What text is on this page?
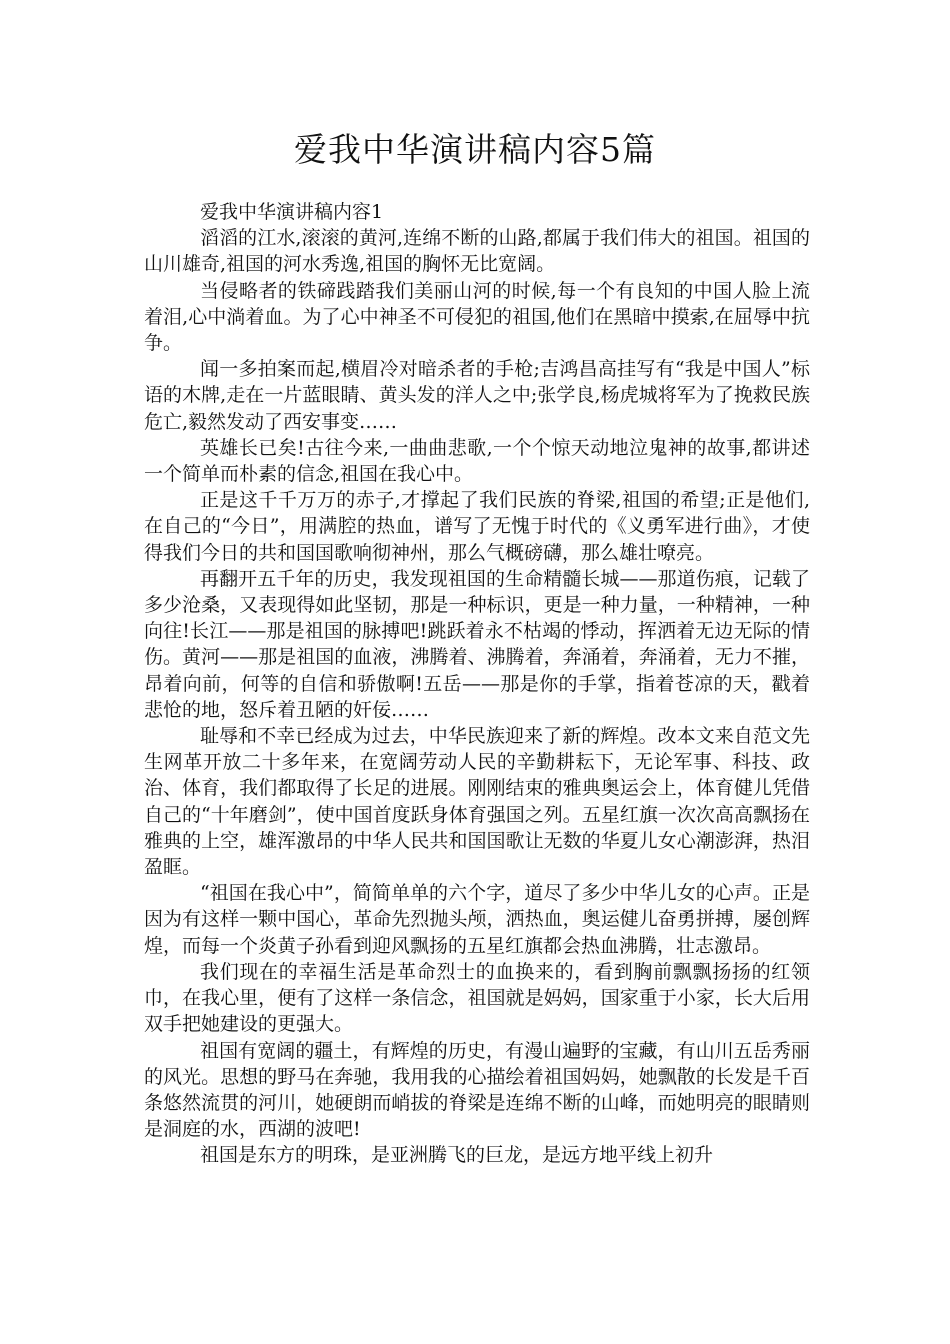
爱我中华演讲稿内容5篇

爱我中华演讲稿内容1

滔滔的江水,滚滚的黄河,连绵不断的山路,都属于我们伟大的祖国。祖国的山川雄奇,祖国的河水秀逸,祖国的胸怀无比宽阔。

当侵略者的铁碲践踏我们美丽山河的时候,每一个有良知的中国人脸上流着泪,心中淌着血。为了心中神圣不可侵犯的祖国,他们在黑暗中摸索,在屈辱中抗争。

闻一多拍案而起,横眉冷对暗杀者的手枪;吉鸿昌高挂写有“我是中国人”标语的木牌,走在一片蓝眼睛、黄头发的洋人之中;张学良,杨虎城将军为了挽救民族危亡,毅然发动了西安事变……

英雄长已矣!古往今来,一曲曲悲歌,一个个惊天动地泣鬼神的故事,都讲述一个简单而朴素的信念,祖国在我心中。

正是这千千万万的赤子,才撑起了我们民族的脊梁,祖国的希望;正是他们,在自己的“今日”，用满腔的热血，谱写了无愧于时代的《义勇军进行曲》，才使得我们今日的共和国国歌响彻神州，那么气概磅礴，那么雄壮嘹亮。

再翻开五千年的历史，我发现祖国的生命精髓长城——那道伤痕，记载了多少沧桑，又表现得如此坚韧，那是一种标识，更是一种力量，一种精神，一种向往!长江——那是祖国的脉搏吧!跳跃着永不枯竭的悸动，挥洒着无边无际的情伤。黄河——那是祖国的血液，沸腾着、沸腾着，奔涌着，奔涌着，无力不摧，昂着向前，何等的自信和骄傲啊!五岳——那是你的手掌，指着苍凉的天，戳着悲怆的地，怒斥着丑陋的奸佞……

耻辱和不幸已经成为过去，中华民族迎来了新的辉煌。改本文来自范文先生网革开放二十多年来，在宽阔劳动人民的辛勤耕耘下，无论军事、科技、政治、体育，我们都取得了长足的进展。刚刚结束的雅典奥运会上，体育健儿凭借自己的“十年磨剑”，使中国首度跃身体育强国之列。五星红旗一次次高高飘扬在雅典的上空，雄浑激昂的中华人民共和国国歌让无数的华夏儿女心潮澎湃，热泪盈眶。

“祖国在我心中”，简简单单的六个字，道尽了多少中华儿女的心声。正是因为有这样一颗中国心，革命先烈抛头颅，洒热血，奥运健儿奋勇拼搏，屡创辉煌，而每一个炎黄子孙看到迎风飘扬的五星红旗都会热血沸腾，壮志激昂。

我们现在的幸福生活是革命烈士的血换来的，看到胸前飘飘扬扬的红领巾，在我心里，便有了这样一条信念，祖国就是妈妈，国家重于小家，长大后用双手把她建设的更强大。

祖国有宽阔的疆土，有辉煌的历史，有漫山遍野的宝藏，有山川五岳秀丽的风光。思想的野马在奔驰，我用我的心描绘着祖国妈妈，她飘散的长发是千百条悠然流贯的河川，她硬朗而峭拔的脊梁是连绵不断的山峰，而她明亮的眼睛则是洞庭的水，西湖的波吧!

祖国是东方的明珠，是亚洲腾飞的巨龙，是远方地平线上初升
